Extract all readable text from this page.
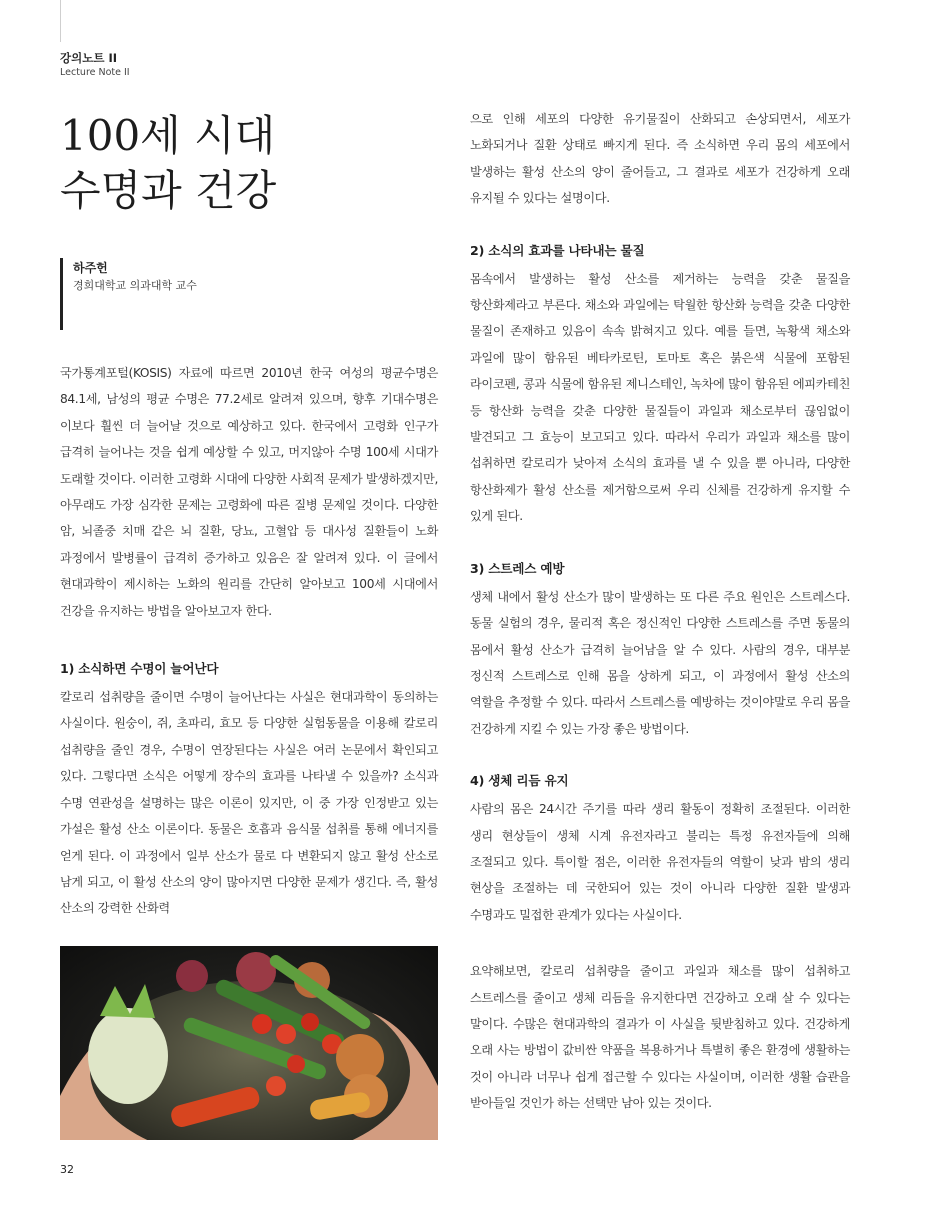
강의노트 II
Lecture Note II
100세 시대
수명과 건강
하주헌
경희대학교 의과대학 교수

국가통계포털(KOSIS) 자료에 따르면 2010년 한국 여성의 평균수명은 84.1세, 남성의 평균 수명은 77.2세로 알려져 있으며, 향후 기대수명은 이보다 훨씬 더 늘어날 것으로 예상하고 있다. 한국에서 고령화 인구가 급격히 늘어나는 것을 쉽게 예상할 수 있고, 머지않아 수명 100세 시대가 도래할 것이다. 이러한 고령화 시대에 다양한 사회적 문제가 발생하겠지만, 아무래도 가장 심각한 문제는 고령화에 따른 질병 문제일 것이다. 다양한 암, 뇌졸중 치매 같은 뇌 질환, 당뇨, 고혈압 등 대사성 질환들이 노화 과정에서 발병률이 급격히 증가하고 있음은 잘 알려져 있다. 이 글에서 현대과학이 제시하는 노화의 원리를 간단히 알아보고 100세 시대에서 건강을 유지하는 방법을 알아보고자 한다.

1) 소식하면 수명이 늘어난다

칼로리 섭취량을 줄이면 수명이 늘어난다는 사실은 현대과학이 동의하는 사실이다. 원숭이, 쥐, 초파리, 효모 등 다양한 실험동물을 이용해 칼로리 섭취량을 줄인 경우, 수명이 연장된다는 사실은 여러 논문에서 확인되고 있다. 그렇다면 소식은 어떻게 장수의 효과를 나타낼 수 있을까? 소식과 수명 연관성을 설명하는 많은 이론이 있지만, 이 중 가장 인정받고 있는 가설은 활성 산소 이론이다. 동물은 호흡과 음식물 섭취를 통해 에너지를 얻게 된다. 이 과정에서 일부 산소가 물로 다 변환되지 않고 활성 산소로 남게 되고, 이 활성 산소의 양이 많아지면 다양한 문제가 생긴다. 즉, 활성 산소의 강력한 산화력

으로 인해 세포의 다양한 유기물질이 산화되고 손상되면서, 세포가 노화되거나 질환 상태로 빠지게 된다. 즉 소식하면 우리 몸의 세포에서 발생하는 활성 산소의 양이 줄어들고, 그 결과로 세포가 건강하게 오래 유지될 수 있다는 설명이다.

2) 소식의 효과를 나타내는 물질

몸속에서 발생하는 활성 산소를 제거하는 능력을 갖춘 물질을 항산화제라고 부른다. 채소와 과일에는 탁월한 항산화 능력을 갖춘 다양한 물질이 존재하고 있음이 속속 밝혀지고 있다. 예를 들면, 녹황색 채소와 과일에 많이 함유된 베타카로틴, 토마토 혹은 붉은색 식물에 포함된 라이코펜, 콩과 식물에 함유된 제니스테인, 녹차에 많이 함유된 에피카테친 등 항산화 능력을 갖춘 다양한 물질들이 과일과 채소로부터 끊임없이 발견되고 그 효능이 보고되고 있다. 따라서 우리가 과일과 채소를 많이 섭취하면 칼로리가 낮아져 소식의 효과를 낼 수 있을 뿐 아니라, 다양한 항산화제가 활성 산소를 제거함으로써 우리 신체를 건강하게 유지할 수 있게 된다.

3) 스트레스 예방

생체 내에서 활성 산소가 많이 발생하는 또 다른 주요 원인은 스트레스다. 동물 실험의 경우, 물리적 혹은 정신적인 다양한 스트레스를 주면 동물의 몸에서 활성 산소가 급격히 늘어남을 알 수 있다. 사람의 경우, 대부분 정신적 스트레스로 인해 몸을 상하게 되고, 이 과정에서 활성 산소의 역할을 추정할 수 있다. 따라서 스트레스를 예방하는 것이야말로 우리 몸을 건강하게 지킬 수 있는 가장 좋은 방법이다.

4) 생체 리듬 유지

사람의 몸은 24시간 주기를 따라 생리 활동이 정확히 조절된다. 이러한 생리 현상들이 생체 시계 유전자라고 불리는 특정 유전자들에 의해 조절되고 있다. 특이할 점은, 이러한 유전자들의 역할이 낮과 밤의 생리 현상을 조절하는 데 국한되어 있는 것이 아니라 다양한 질환 발생과 수명과도 밀접한 관계가 있다는 사실이다.

요약해보면, 칼로리 섭취량을 줄이고 과일과 채소를 많이 섭취하고 스트레스를 줄이고 생체 리듬을 유지한다면 건강하고 오래 살 수 있다는 말이다. 수많은 현대과학의 결과가 이 사실을 뒷받침하고 있다. 건강하게 오래 사는 방법이 값비싼 약품을 복용하거나 특별히 좋은 환경에 생활하는 것이 아니라 너무나 쉽게 접근할 수 있다는 사실이며, 이러한 생활 습관을 받아들일 것인가 하는 선택만 남아 있는 것이다.

32
